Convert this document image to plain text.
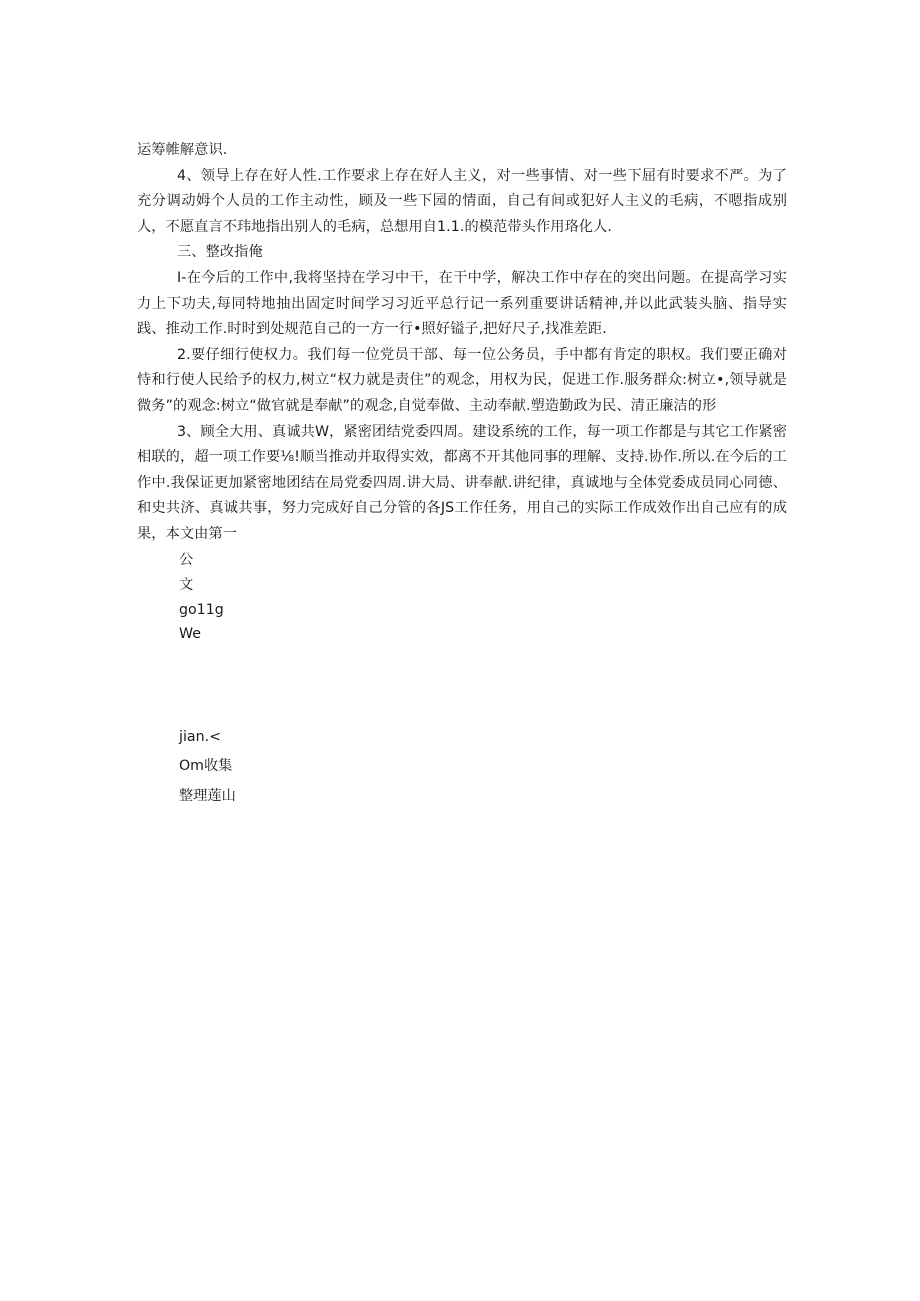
运筹帷解意识.

4、领导上存在好人性.工作要求上存在好人主义，对一些事情、对一些下屈有时要求不严。为了充分调动姆个人员的工作主动性，顾及一些下园的情面，自己有间或犯好人主义的毛病，不嗯指成别人，不愿直言不玮地指出别人的毛病，总想用自1.1.的模范带头作用珞化人.

三、整改指俺

I-在今后的工作中,我将坚持在学习中干，在干中学，解决工作中存在的突出问题。在提高学习实力上下功夫,每同特地抽出固定时间学习习近平总行记一系列重要讲话精神,并以此武装头脑、指导实践、推动工作.时时到处规范自己的一方一行•照好镒子,把好尺子,找准差距.

2.要仔细行使权力。我们每一位党员干部、每一位公务员，手中都有肯定的职权。我们要正确对恃和行使人民给予的权力,树立“权力就是责住”的观念，用权为民，促进工作.服务群众:树立•,领导就是微务”的观念:树立“做官就是奉献”的观念,自觉奉做、主动奉献.塑造勤政为民、清正廉洁的形

3、顾全大用、真诚共W，紧密团结党委四周。建设系统的工作，每一项工作都是与其它工作紧密相联的，超一项工作要⅛!顺当推动并取得实效，都离不开其他同事的理解、支持.协作.所以.在今后的工作中.我保证更加紧密地团结在局党委四周.讲大局、讲奉献.讲纪律，真诚地与全体党委成员同心同德、和史共济、真诚共事，努力完成好自己分管的各JS工作任务，用自己的实际工作成效作出自己应有的成果，本文由第一

公
文
go11g
We
jian.<
Om收集
整理莲山
